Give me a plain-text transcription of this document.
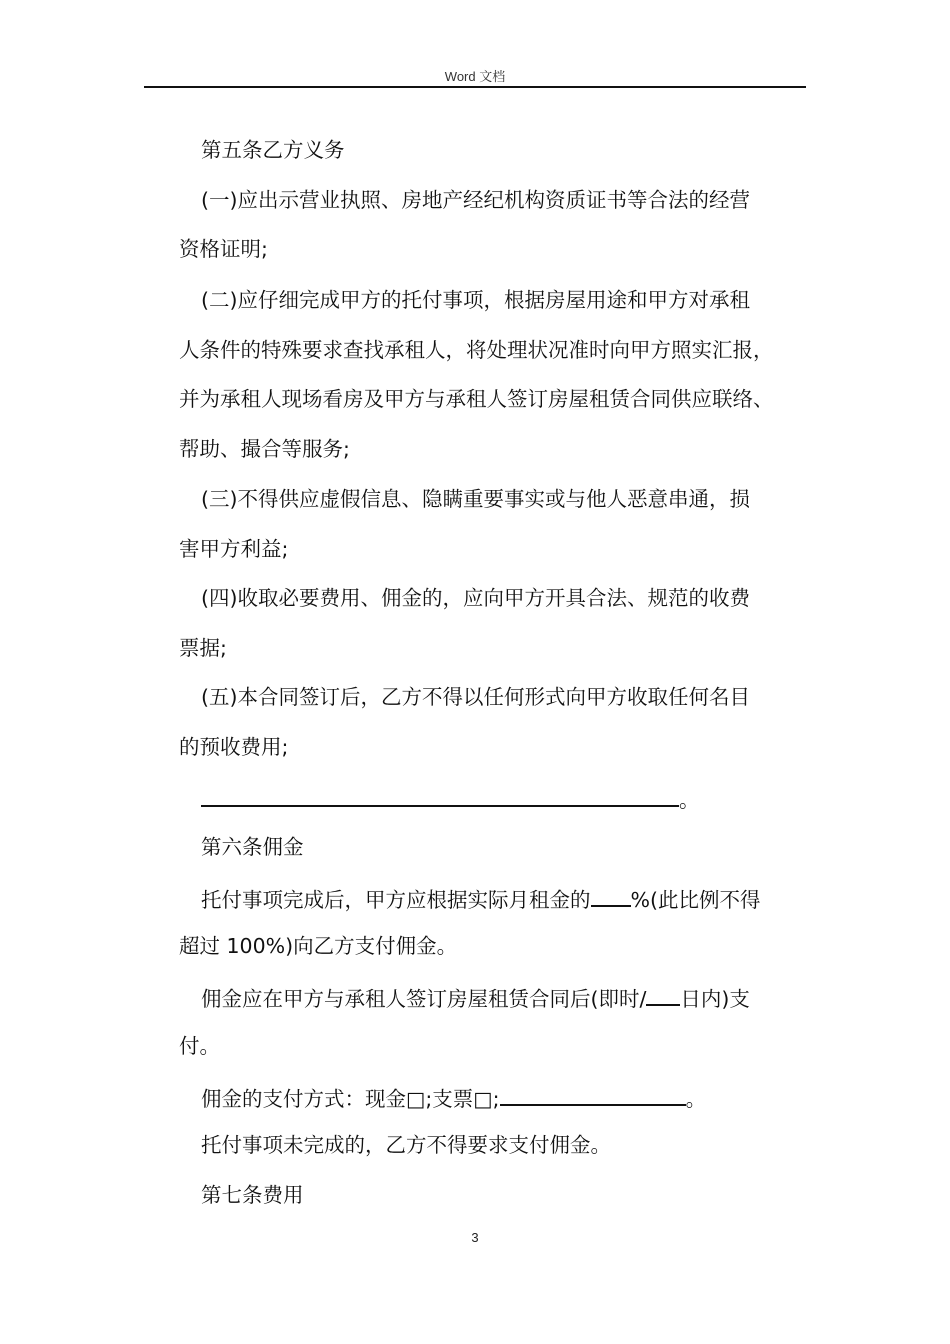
Word 文档
第五条乙方义务
(一)应出示营业执照、房地产经纪机构资质证书等合法的经营
资格证明;
(二)应仔细完成甲方的托付事项，根据房屋用途和甲方对承租
人条件的特殊要求查找承租人，将处理状况准时向甲方照实汇报，
并为承租人现场看房及甲方与承租人签订房屋租赁合同供应联络、
帮助、撮合等服务;
(三)不得供应虚假信息、隐瞒重要事实或与他人恶意串通，损
害甲方利益;
(四)收取必要费用、佣金的，应向甲方开具合法、规范的收费
票据;
(五)本合同签订后，乙方不得以任何形式向甲方收取任何名目
的预收费用;
。
第六条佣金
托付事项完成后，甲方应根据实际月租金的 %(此比例不得
超过 100%)向乙方支付佣金。
佣金应在甲方与承租人签订房屋租赁合同后(即时/ 日内)支
付。
佣金的支付方式：现金□;支票□;	。
托付事项未完成的，乙方不得要求支付佣金。
第七条费用
3
